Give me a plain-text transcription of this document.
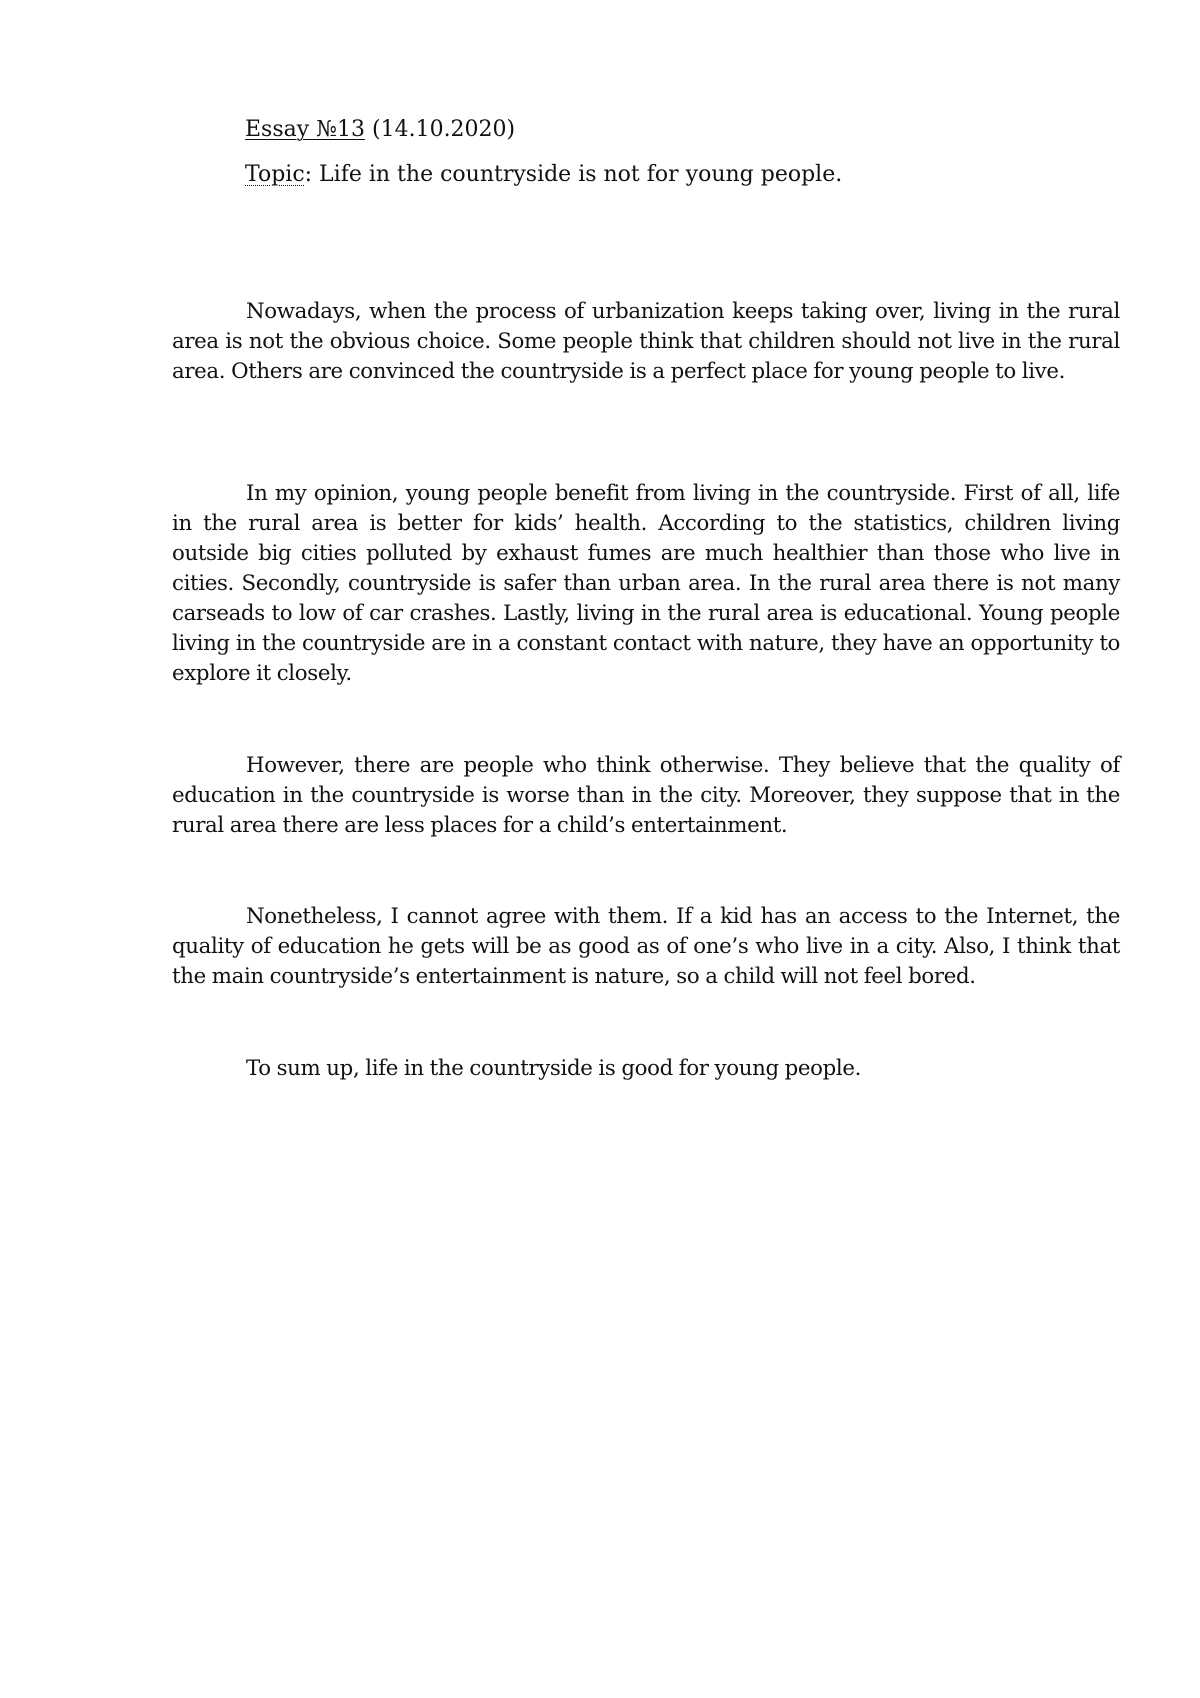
Essay №13 (14.10.2020)
Topic: Life in the countryside is not for young people.

Nowadays, when the process of urbanization keeps taking over, living in the rural area is not the obvious choice. Some people think that children should not live in the rural area. Others are convinced the countryside is a perfect place for young people to live.

In my opinion, young people benefit from living in the countryside. First of all, life in the rural area is better for kids’ health. According to the statistics, children living outside big cities polluted by exhaust fumes are much healthier than those who live in cities. Secondly, countryside is safer than urban area. In the rural area there is not many carseads to low of car crashes. Lastly, living in the rural area is educational. Young people living in the countryside are in a constant contact with nature, they have an opportunity to explore it closely.

However, there are people who think otherwise. They believe that the quality of education in the countryside is worse than in the city. Moreover, they suppose that in the rural area there are less places for a child’s entertainment.

Nonetheless, I cannot agree with them. If a kid has an access to the Internet, the quality of education he gets will be as good as of one’s who live in a city. Also, I think that the main countryside’s entertainment is nature, so a child will not feel bored.

To sum up, life in the countryside is good for young people.
